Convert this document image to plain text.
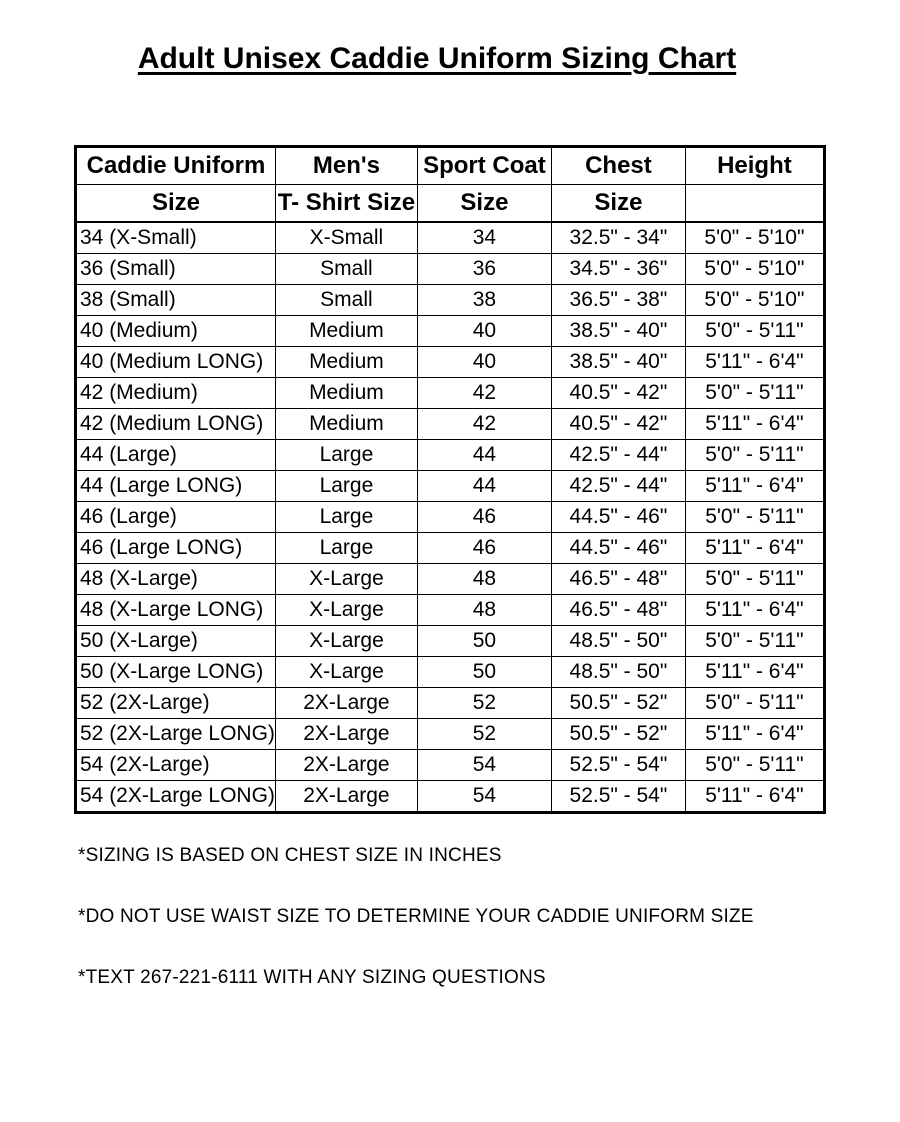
Adult Unisex Caddie Uniform Sizing Chart
Caddie Uniform	Men's	Sport Coat	Chest	Height
Size	T- Shirt Size	Size	Size	
34 (X-Small)	X-Small	34	32.5" - 34"	5'0" - 5'10"
36 (Small)	Small	36	34.5" - 36"	5'0" - 5'10"
38 (Small)	Small	38	36.5" - 38"	5'0" - 5'10"
40 (Medium)	Medium	40	38.5" - 40"	5'0" - 5'11"
40 (Medium LONG)	Medium	40	38.5" - 40"	5'11" - 6'4"
42 (Medium)	Medium	42	40.5" - 42"	5'0" - 5'11"
42 (Medium LONG)	Medium	42	40.5" - 42"	5'11" - 6'4"
44 (Large)	Large	44	42.5" - 44"	5'0" - 5'11"
44 (Large LONG)	Large	44	42.5" - 44"	5'11" - 6'4"
46 (Large)	Large	46	44.5" - 46"	5'0" - 5'11"
46 (Large LONG)	Large	46	44.5" - 46"	5'11" - 6'4"
48 (X-Large)	X-Large	48	46.5" - 48"	5'0" - 5'11"
48 (X-Large LONG)	X-Large	48	46.5" - 48"	5'11" - 6'4"
50 (X-Large)	X-Large	50	48.5" - 50"	5'0" - 5'11"
50 (X-Large LONG)	X-Large	50	48.5" - 50"	5'11" - 6'4"
52 (2X-Large)	2X-Large	52	50.5" - 52"	5'0" - 5'11"
52 (2X-Large LONG)	2X-Large	52	50.5" - 52"	5'11" - 6'4"
54 (2X-Large)	2X-Large	54	52.5" - 54"	5'0" - 5'11"
54 (2X-Large LONG)	2X-Large	54	52.5" - 54"	5'11" - 6'4"
*SIZING IS BASED ON CHEST SIZE IN INCHES
*DO NOT USE WAIST SIZE TO DETERMINE YOUR CADDIE UNIFORM SIZE
*TEXT 267-221-6111 WITH ANY SIZING QUESTIONS
